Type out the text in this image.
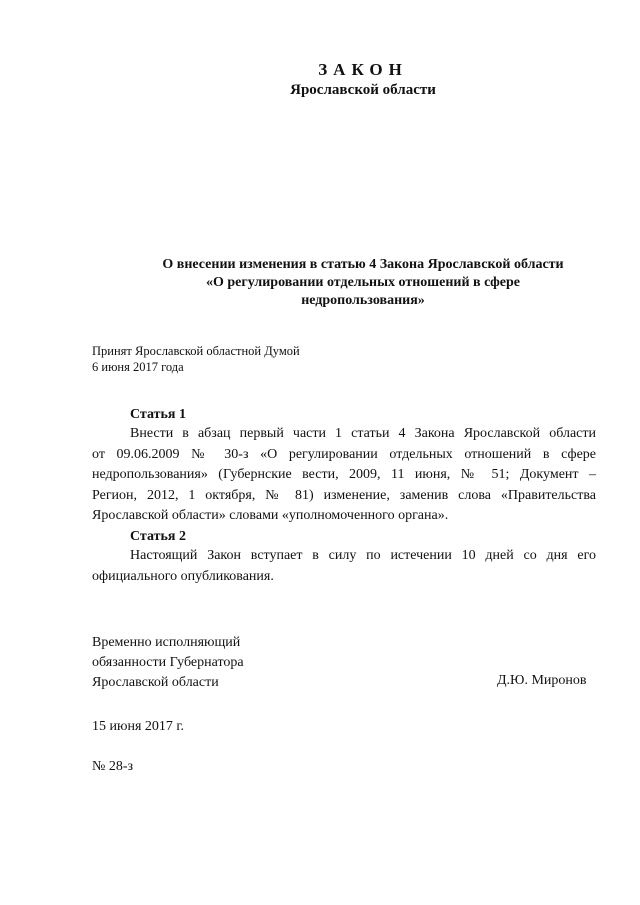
ЗАКОН
Ярославской области
О внесении изменения в статью 4 Закона Ярославской области
«О регулировании отдельных отношений в сфере
недропользования»
Принят Ярославской областной Думой
6 июня 2017 года
Статья 1
Внести в абзац первый части 1 статьи 4 Закона Ярославской области
от 09.06.2009 № 30-з «О регулировании отдельных отношений в сфере
недропользования» (Губернские вести, 2009, 11 июня, № 51; Документ –
Регион, 2012, 1 октября, № 81) изменение, заменив слова «Правительства
Ярославской области» словами «уполномоченного органа».
Статья 2
Настоящий Закон вступает в силу по истечении 10 дней со дня его
официального опубликования.
Временно исполняющий
обязанности Губернатора
Ярославской области	Д.Ю. Миронов
15 июня 2017 г.
№ 28-з
